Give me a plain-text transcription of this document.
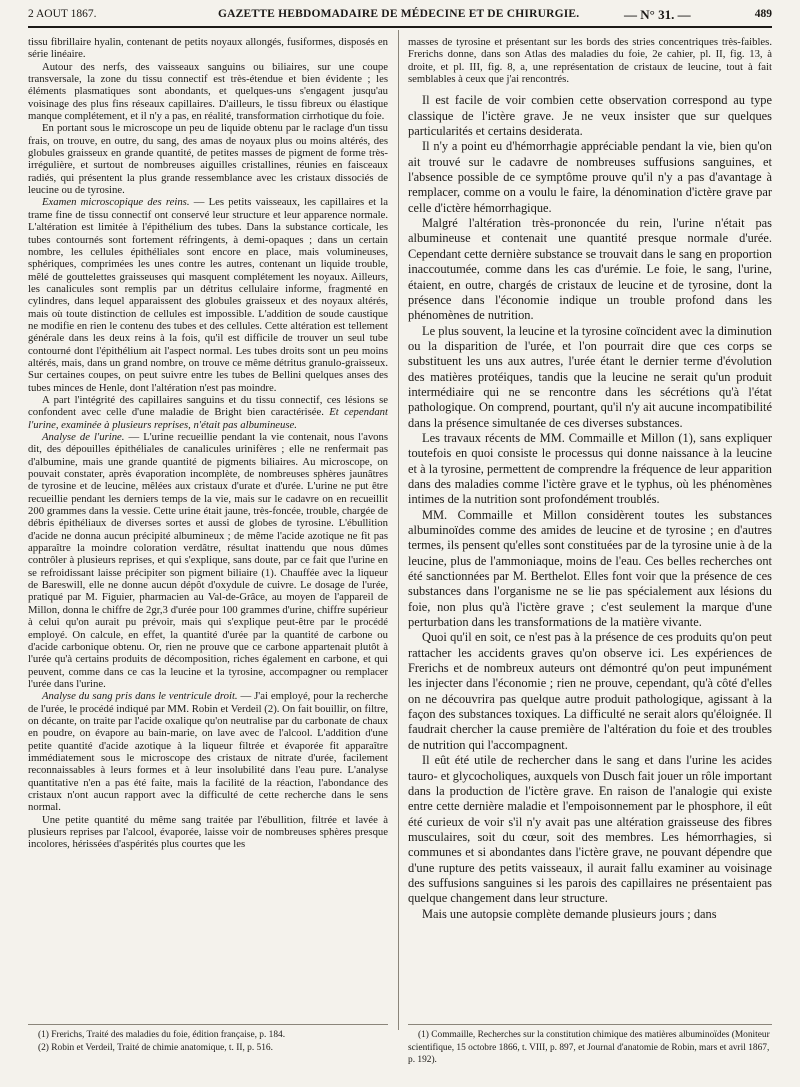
2 AOUT 1867.	GAZETTE HEBDOMADAIRE DE MÉDECINE ET DE CHIRURGIE.	— N° 31. —	489

tissu fibrillaire hyalin, contenant de petits noyaux allongés, fusiformes, disposés en série linéaire.

Autour des nerfs, des vaisseaux sanguins ou biliaires, sur une coupe transversale, la zone du tissu connectif est très-étendue et bien évidente ; les éléments plasmatiques sont abondants, et quelques-uns s'engagent jusqu'au voisinage des plus fins réseaux capillaires. D'ailleurs, le tissu fibreux ou élastique manque complétement, et il n'y a pas, en réalité, transformation cirrhotique du foie.

En portant sous le microscope un peu de liquide obtenu par le raclage d'un tissu frais, on trouve, en outre, du sang, des amas de noyaux plus ou moins altérés, des globules graisseux en grande quantité, de petites masses de pigment de forme très-irrégulière, et surtout de nombreuses aiguilles cristallines, réunies en faisceaux radiés, qui présentent la plus grande ressemblance avec les cristaux dissociés de leucine ou de tyrosine.

Examen microscopique des reins. — Les petits vaisseaux, les capillaires et la trame fine de tissu connectif ont conservé leur structure et leur apparence normale. L'altération est limitée à l'épithélium des tubes. Dans la substance corticale, les tubes contournés sont fortement réfringents, à demi-opaques ; dans un certain nombre, les cellules épithéliales sont encore en place, mais volumineuses, sphériques, comprimées les unes contre les autres, contenant un liquide trouble, mêlé de gouttelettes graisseuses qui masquent complétement les noyaux. Ailleurs, les canalicules sont remplis par un détritus cellulaire informe, fragmenté en cylindres, dans lequel apparaissent des globules graisseux et des noyaux altérés, mais où toute distinction de cellules est impossible. L'addition de soude caustique ne modifie en rien le contenu des tubes et des cellules. Cette altération est tellement générale dans les deux reins à la fois, qu'il est difficile de trouver un seul tube contourné dont l'épithélium ait l'aspect normal. Les tubes droits sont un peu moins altérés, mais, dans un grand nombre, on trouve ce même détritus granulo-graisseux. Sur certaines coupes, on peut suivre entre les tubes de Bellini quelques anses des tubes minces de Henle, dont l'altération n'est pas moindre.

A part l'intégrité des capillaires sanguins et du tissu connectif, ces lésions se confondent avec celle d'une maladie de Bright bien caractérisée. Et cependant l'urine, examinée à plusieurs reprises, n'était pas albumineuse.

Analyse de l'urine. — L'urine recueillie pendant la vie contenait, nous l'avons dit, des dépouilles épithéliales de canalicules urinifères ; elle ne renfermait pas d'albumine, mais une grande quantité de pigments biliaires. Au microscope, on pouvait constater, après évaporation incomplète, de nombreuses sphères jaunâtres de tyrosine et de leucine, mêlées aux cristaux d'urate et d'urée. L'urine ne put être recueillie pendant les derniers temps de la vie, mais sur le cadavre on en recueillit 200 grammes dans la vessie. Cette urine était jaune, très-foncée, trouble, chargée de débris épithéliaux de diverses sortes et aussi de globes de tyrosine. L'ébullition d'acide ne donna aucun précipité albumineux ; de même l'acide azotique ne fit pas apparaître la moindre coloration verdâtre, résultat inattendu que nous dûmes contrôler à plusieurs reprises, et qui s'explique, sans doute, par ce fait que l'urine en se refroidissant laisse précipiter son pigment biliaire (1). Chauffée avec la liqueur de Bareswill, elle ne donne aucun dépôt d'oxydule de cuivre. Le dosage de l'urée, pratiqué par M. Figuier, pharmacien au Val-de-Grâce, au moyen de l'appareil de Millon, donna le chiffre de 2gr,3 d'urée pour 100 grammes d'urine, chiffre supérieur à celui qu'on aurait pu prévoir, mais qui s'explique peut-être par le procédé employé. On calcule, en effet, la quantité d'urée par la quantité de carbone ou d'acide carbonique obtenu. Or, rien ne prouve que ce carbone appartenait plutôt à l'urée qu'à certains produits de décomposition, riches également en carbone, et qui peuvent, comme dans ce cas la leucine et la tyrosine, accompagner ou remplacer l'urée dans l'urine.

Analyse du sang pris dans le ventricule droit. — J'ai employé, pour la recherche de l'urée, le procédé indiqué par MM. Robin et Verdeil (2). On fait bouillir, on filtre, on décante, on traite par l'acide oxalique qu'on neutralise par du carbonate de chaux en poudre, on évapore au bain-marie, on lave avec de l'alcool. L'addition d'une petite quantité d'acide azotique à la liqueur filtrée et évaporée fit apparaître immédiatement sous le microscope des cristaux de nitrate d'urée, facilement reconnaissables à leurs formes et à leur insolubilité dans l'eau pure. L'analyse quantitative n'en a pas été faite, mais la facilité de la réaction, l'abondance des cristaux n'ont aucun rapport avec la difficulté de cette recherche dans le sens normal.

Une petite quantité du même sang traitée par l'ébullition, filtrée et lavée à plusieurs reprises par l'alcool, évaporée, laisse voir de nombreuses sphères presque incolores, hérissées d'aspérités plus courtes que les

masses de tyrosine et présentant sur les bords des stries concentriques très-faibles. Frerichs donne, dans son Atlas des maladies du foie, 2e cahier, pl. II, fig. 13, à droite, et pl. III, fig. 8, a, une représentation de cristaux de leucine, tout à fait semblables à ceux que j'ai rencontrés.

Il est facile de voir combien cette observation correspond au type classique de l'ictère grave. Je ne veux insister que sur quelques particularités et certains desiderata.

Il n'y a point eu d'hémorrhagie appréciable pendant la vie, bien qu'on ait trouvé sur le cadavre de nombreuses suffusions sanguines, et l'absence possible de ce symptôme prouve qu'il n'y a pas d'avantage à remplacer, comme on a voulu le faire, la dénomination d'ictère grave par celle d'ictère hémorrhagique.

Malgré l'altération très-prononcée du rein, l'urine n'était pas albumineuse et contenait une quantité presque normale d'urée. Cependant cette dernière substance se trouvait dans le sang en proportion inaccoutumée, comme dans les cas d'urémie. Le foie, le sang, l'urine, étaient, en outre, chargés de cristaux de leucine et de tyrosine, dont la présence dans l'économie indique un trouble profond dans les phénomènes de nutrition.

Le plus souvent, la leucine et la tyrosine coïncident avec la diminution ou la disparition de l'urée, et l'on pourrait dire que ces corps se substituent les uns aux autres, l'urée étant le dernier terme d'évolution des matières protéiques, tandis que la leucine ne serait qu'un produit intermédiaire qui ne se rencontre dans les sécrétions qu'à l'état pathologique. On comprend, pourtant, qu'il n'y ait aucune incompatibilité dans la présence simultanée de ces diverses substances.

Les travaux récents de MM. Commaille et Millon (1), sans expliquer toutefois en quoi consiste le processus qui donne naissance à la leucine et à la tyrosine, permettent de comprendre la fréquence de leur apparition dans des maladies comme l'ictère grave et le typhus, où les phénomènes intimes de la nutrition sont profondément troublés.

MM. Commaille et Millon considèrent toutes les substances albuminoïdes comme des amides de leucine et de tyrosine ; en d'autres termes, ils pensent qu'elles sont constituées par de la tyrosine unie à de la leucine, plus de l'ammoniaque, moins de l'eau. Ces belles recherches ont été sanctionnées par M. Berthelot. Elles font voir que la présence de ces substances dans l'organisme ne se lie pas spécialement aux lésions du foie, non plus qu'à l'ictère grave ; c'est seulement la marque d'une perturbation dans les transformations de la matière vivante.

Quoi qu'il en soit, ce n'est pas à la présence de ces produits qu'on peut rattacher les accidents graves qu'on observe ici. Les expériences de Frerichs et de nombreux auteurs ont démontré qu'on peut impunément les injecter dans l'économie ; rien ne prouve, cependant, qu'à côté d'elles on ne découvrira pas quelque autre produit pathologique, agissant à la façon des substances toxiques. La difficulté ne serait alors qu'éloignée. Il faudrait chercher la cause première de l'altération du foie et des troubles de nutrition qui l'accompagnent.

Il eût été utile de rechercher dans le sang et dans l'urine les acides tauro- et glycocholiques, auxquels von Dusch fait jouer un rôle important dans la production de l'ictère grave. En raison de l'analogie qui existe entre cette dernière maladie et l'empoisonnement par le phosphore, il eût été curieux de voir s'il n'y avait pas une altération graisseuse des fibres musculaires, soit du cœur, soit des membres. Les hémorrhagies, si communes et si abondantes dans l'ictère grave, ne pouvant dépendre que d'une rupture des petits vaisseaux, il aurait fallu examiner au voisinage des suffusions sanguines si les parois des capillaires ne présentaient pas quelque changement dans leur structure.

Mais une autopsie complète demande plusieurs jours ; dans

(1) Frerichs, Traité des maladies du foie, édition française, p. 184.

(2) Robin et Verdeil, Traité de chimie anatomique, t. II, p. 516.

(1) Commaille, Recherches sur la constitution chimique des matières albuminoïdes (Moniteur scientifique, 15 octobre 1866, t. VIII, p. 897, et Journal d'anatomie de Robin, mars et avril 1867, p. 192).
